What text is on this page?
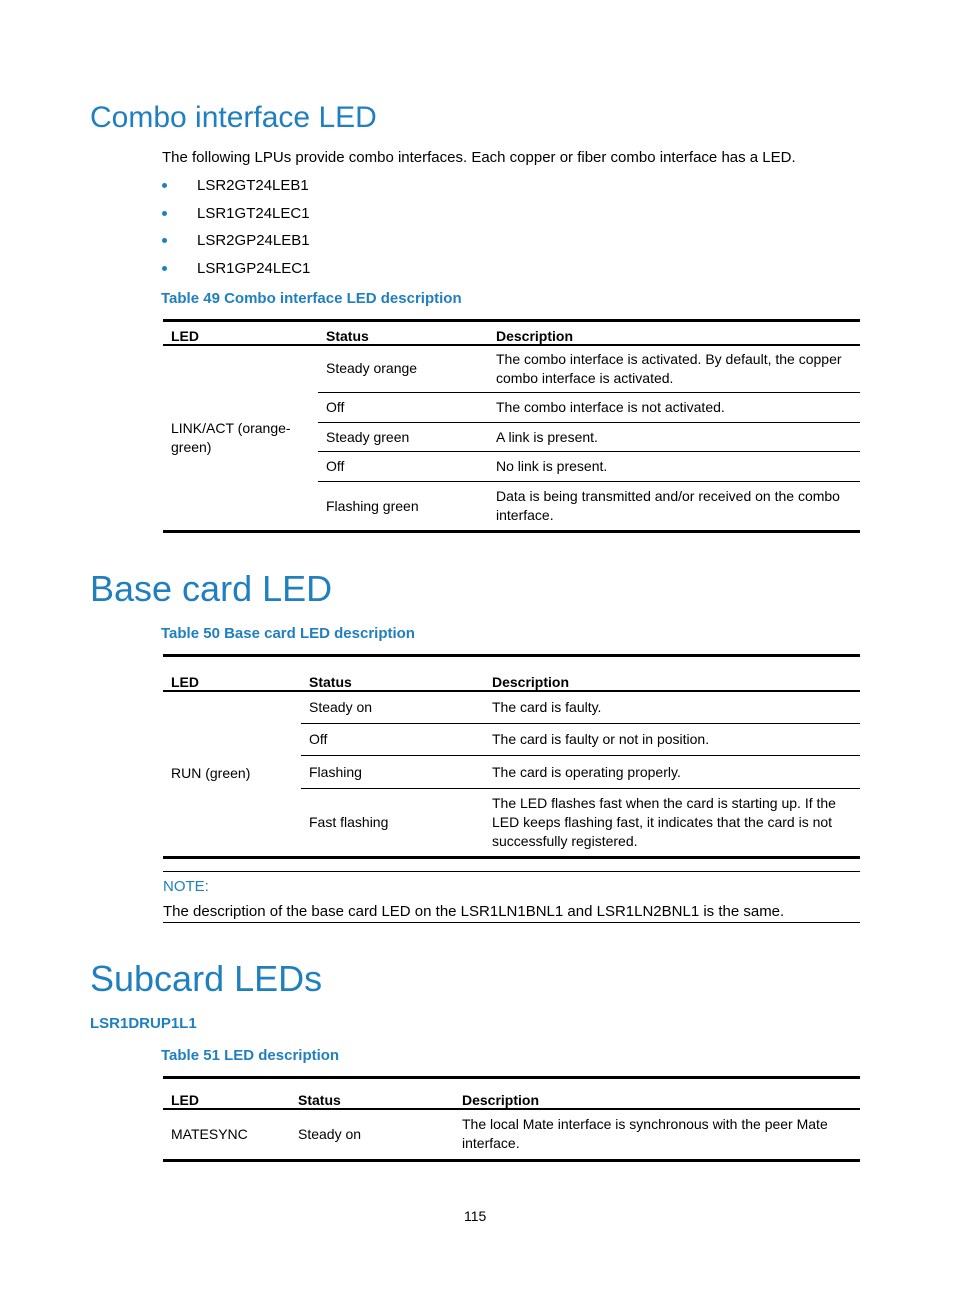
Combo interface LED

The following LPUs provide combo interfaces. Each copper or fiber combo interface has a LED.

LSR2GT24LEB1
LSR1GT24LEC1
LSR2GP24LEB1
LSR1GP24LEC1

Table 49 Combo interface LED description

LED	Status	Description
LINK/ACT (orange-green)	Steady orange	The combo interface is activated. By default, the copper combo interface is activated.
	Off	The combo interface is not activated.
	Steady green	A link is present.
	Off	No link is present.
	Flashing green	Data is being transmitted and/or received on the combo interface.
Base card LED

Table 50 Base card LED description

LED	Status	Description
RUN (green)	Steady on	The card is faulty.
	Off	The card is faulty or not in position.
	Flashing	The card is operating properly.
	Fast flashing	The LED flashes fast when the card is starting up. If the LED keeps flashing fast, it indicates that the card is not successfully registered.

NOTE:

The description of the base card LED on the LSR1LN1BNL1 and LSR1LN2BNL1 is the same.

Subcard LEDs
LSR1DRUP1L1

Table 51 LED description

LED	Status	Description
MATESYNC	Steady on	The local Mate interface is synchronous with the peer Mate interface.
115
